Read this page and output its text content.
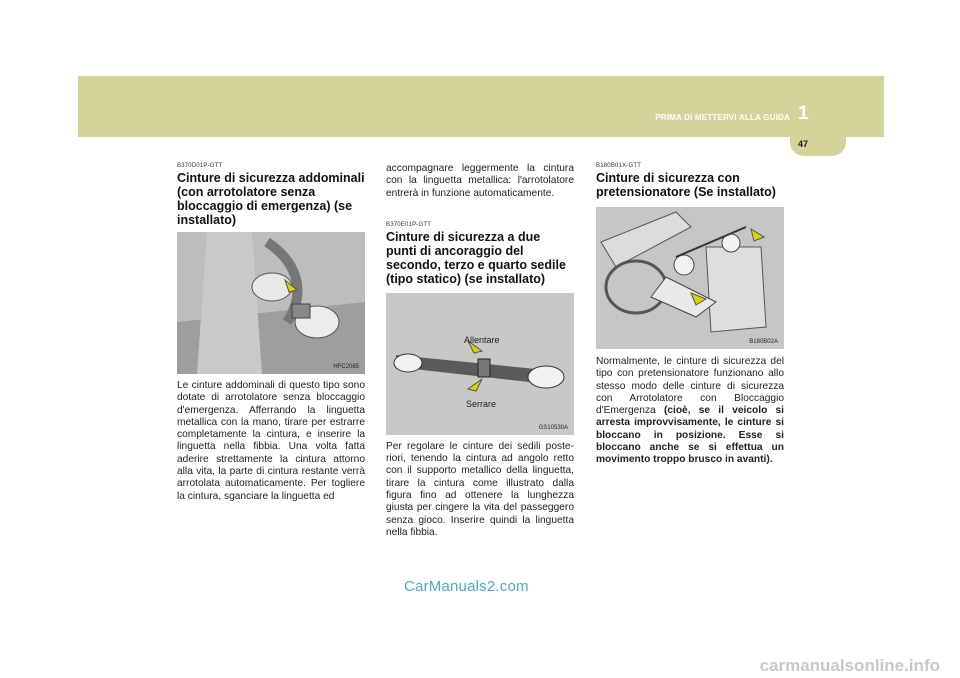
PRIMA DI METTERVI ALLA GUIDA 1
47
B370D01P-GTT
Cinture di sicurezza addominali (con arrotolatore senza bloccaggio di emergenza) (se installato)
HFC2085

Le cinture addominali di questo tipo sono dotate di arrotolatore senza bloccaggio d'emergenza. Afferrando la linguetta metallica con la mano, tirare per estrarre completamente la cintura, e inserire la linguetta nella fibbia. Una volta fatta aderire strettamente la cintura attorno alla vita, la parte di cintura restante verrà arrotolata automaticamente. Per togliere la cintura, sganciare la linguetta ed

accompagnare leggermente la cintura con la linguetta metallica: l'arrotolatore entrerà in funzione automaticamente.

B370E01P-GTT
Cinture di sicurezza a due punti di ancoraggio del secondo, terzo e quarto sedile (tipo statico) (se installato)
Allentare
Serrare
GS10530A

Per regolare le cinture dei sedili poste-riori, tenendo la cintura ad angolo retto con il supporto metallico della linguetta, tirare la cintura come illustrato dalla figura fino ad ottenere la lunghezza giusta per cingere la vita del passeggero senza gioco. Inserire quindi la linguetta nella fibbia.

B180B01X-GTT
Cinture di sicurezza con pretensionatore (Se installato)
B180B02A

Normalmente, le cinture di sicurezza del tipo con pretensionatore funzionano allo stesso modo delle cinture di sicurezza con Arrotolatore con Bloccaggio d'Emergenza (cioè, se il veicolo si arresta improvvisamente, le cinture si bloccano in posizione. Esse si bloccano anche se si effettua un movimento troppo brusco in avanti).

CarManuals2.com
carmanualsonline.info
